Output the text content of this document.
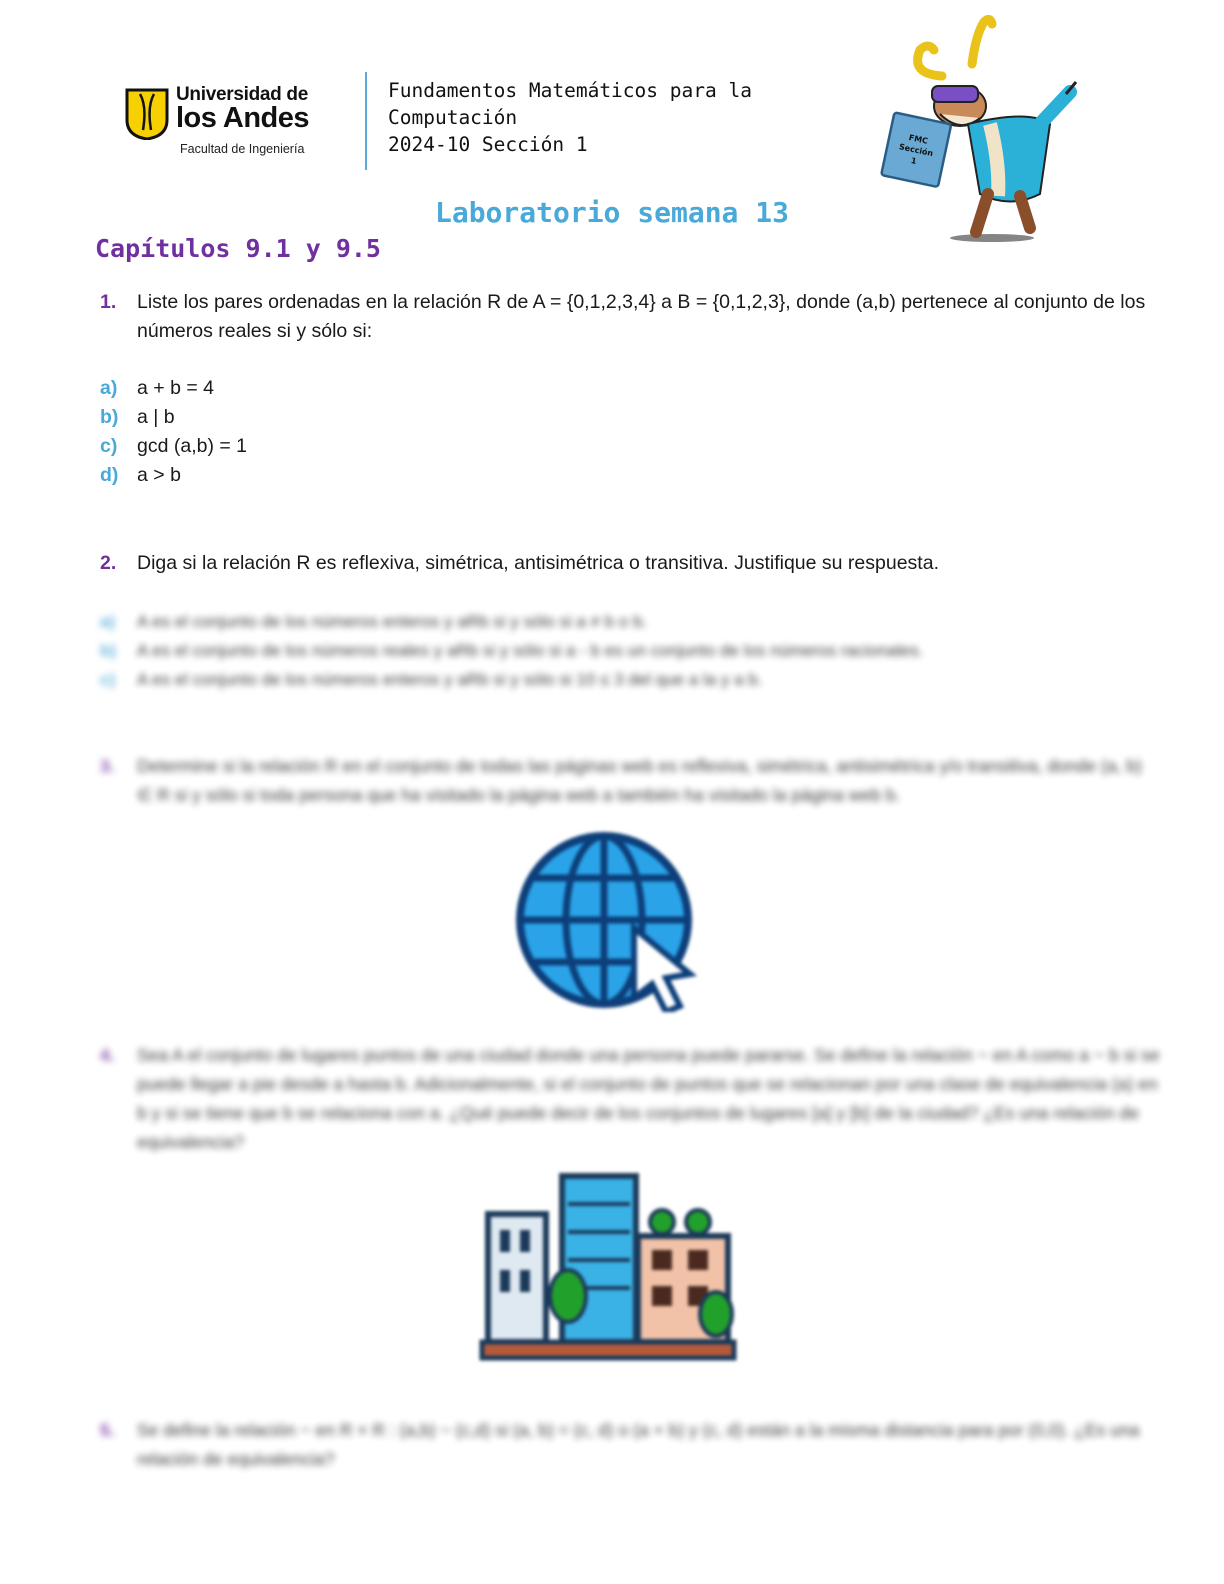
Universidad de
los Andes
Facultad de Ingeniería
Fundamentos Matemáticos para la
Computación
2024-10 Sección 1	FMC
Sección
1
Laboratorio semana 13
Capítulos 9.1 y 9.5
1. Liste los pares ordenadas en la relación R de A = {0,1,2,3,4} a B = {0,1,2,3}, donde (a,b) pertenece al conjunto de los números reales si y sólo si:
a) a + b = 4
b) a | b
c) gcd (a,b) = 1
d) a > b
2. Diga si la relación R es reflexiva, simétrica, antisimétrica o transitiva. Justifique su respuesta.
a) A es el conjunto de los números enteros y aRb si y sólo si a ≠ b o b.
b) A es el conjunto de los números reales y aRb si y sólo si a - b es un conjunto de los números racionales.
c) A es el conjunto de los números enteros y aRb si y sólo si 10 ≤ 3 del que a la y a b.
3. Determine si la relación R en el conjunto de todas las páginas web es reflexiva, simétrica, antisimétrica y/o transitiva, donde (a, b) ∈ R si y sólo si toda persona que ha visitado la página web a también ha visitado la página web b.
4. Sea A el conjunto de lugares puntos de una ciudad donde una persona puede pararse. Se define la relación ~ en A como a ~ b si se puede llegar a pie desde a hasta b. Adicionalmente, si el conjunto de puntos que se relacionan por una clase de equivalencia (a) en b y si se tiene que b se relaciona con a. ¿Qué puede decir de los conjuntos de lugares [a] y [b] de la ciudad? ¿Es una relación de equivalencia?
5. Se define la relación ~ en R × R : (a,b) ~ (c,d) si (a, b) = (c, d) o (a + b) y (c, d) están a la misma distancia para por (0,0). ¿Es una relación de equivalencia?
